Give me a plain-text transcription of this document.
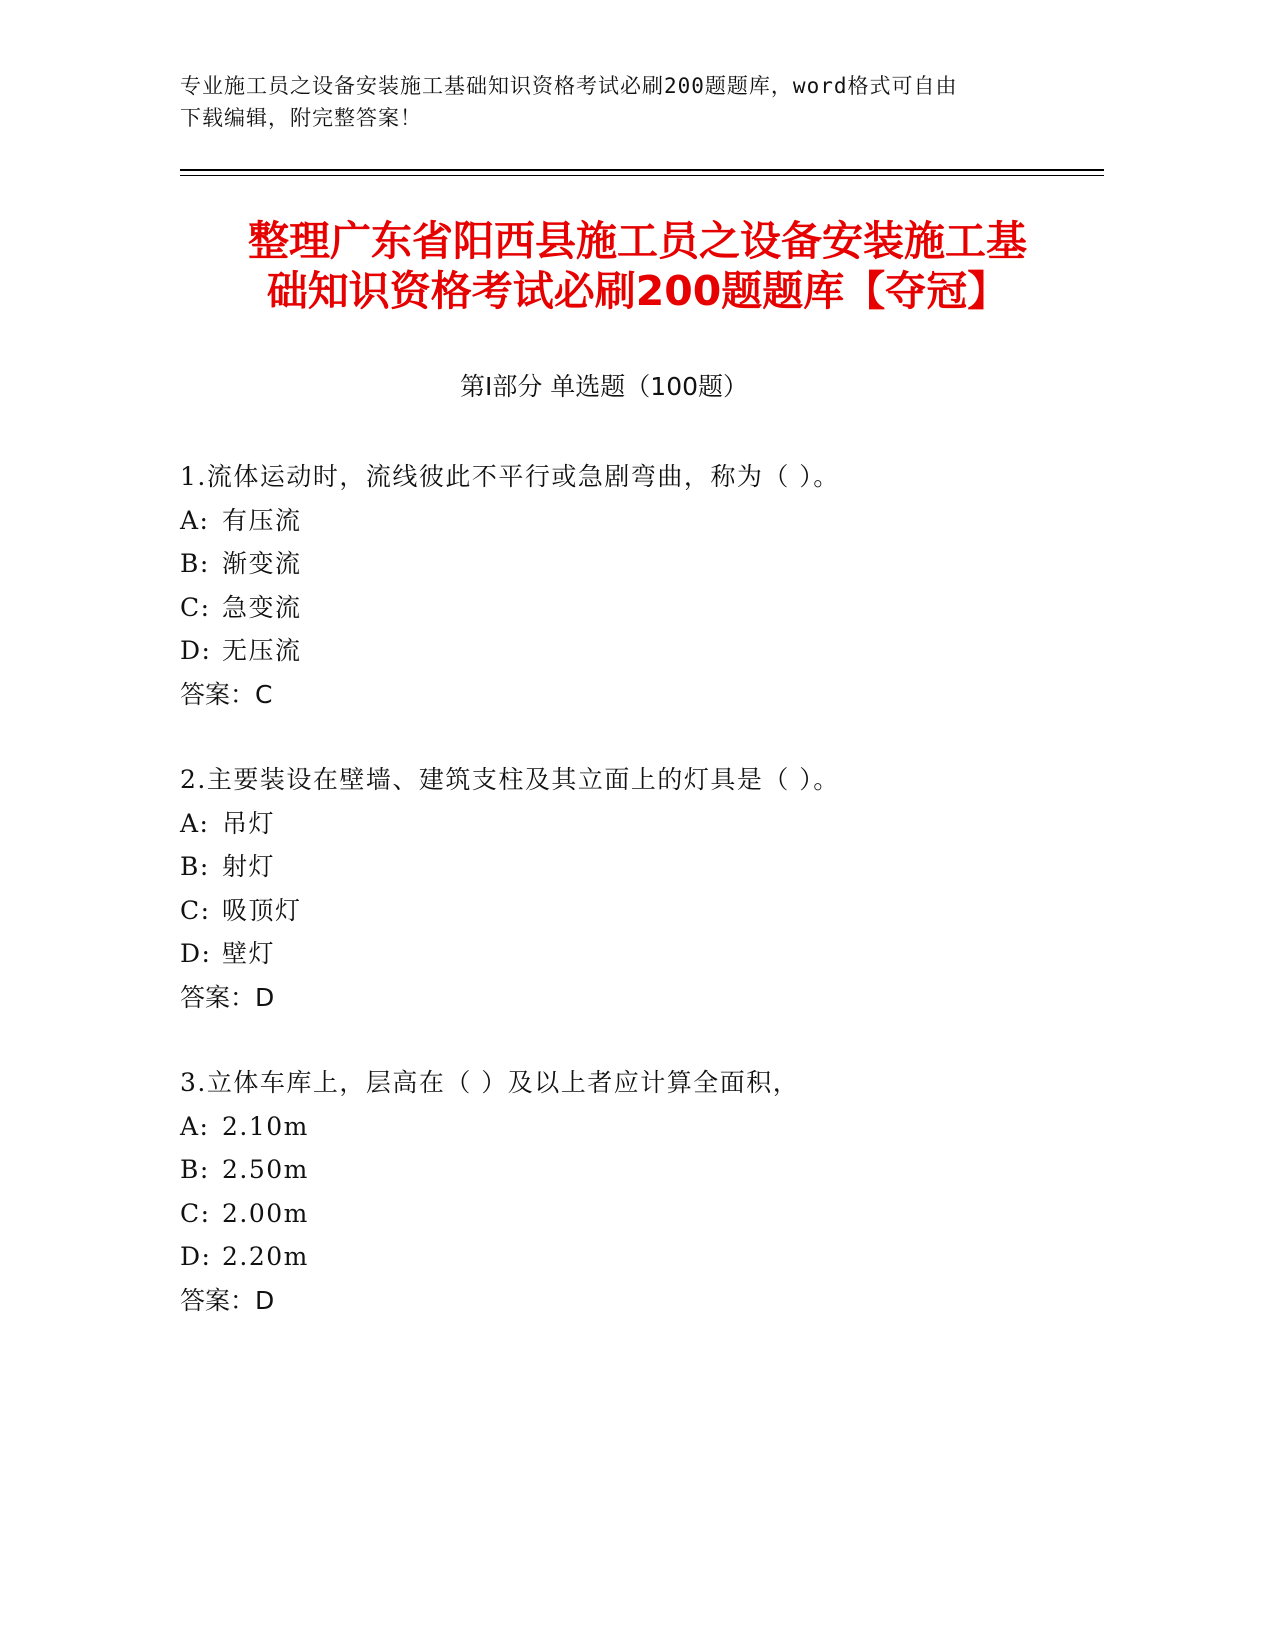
专业施工员之设备安装施工基础知识资格考试必刷200题题库，word格式可自由
下载编辑，附完整答案！
整理广东省阳西县施工员之设备安装施工基
础知识资格考试必刷200题题库【夺冠】
第Ⅰ部分 单选题（100题）
1.流体运动时，流线彼此不平行或急剧弯曲，称为（ ）。
A: 有压流
B: 渐变流
C: 急变流
D: 无压流
答案：C
2.主要装设在壁墙、建筑支柱及其立面上的灯具是（ ）。
A: 吊灯
B: 射灯
C: 吸顶灯
D: 壁灯
答案：D
3.立体车库上，层高在（ ）及以上者应计算全面积，
A: 2.10m
B: 2.50m
C: 2.00m
D: 2.20m
答案：D
